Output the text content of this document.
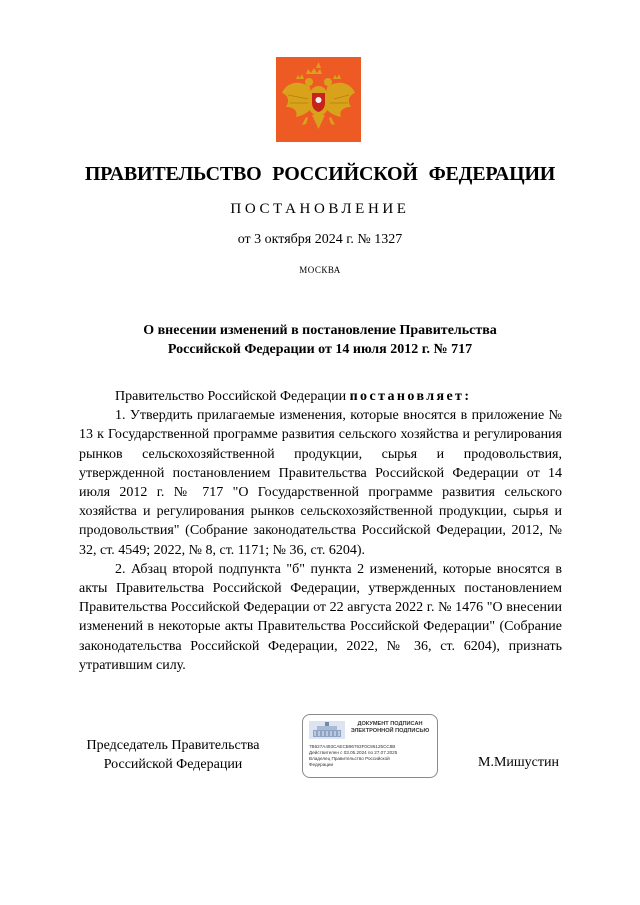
ПРАВИТЕЛЬСТВО РОССИЙСКОЙ ФЕДЕРАЦИИ
ПОСТАНОВЛЕНИЕ
от 3 октября 2024 г. № 1327
МОСКВА
О внесении изменений в постановление Правительства
Российской Федерации от 14 июля 2012 г. № 717

Правительство Российской Федерации постановляет:

1. Утвердить прилагаемые изменения, которые вносятся в приложение № 13 к Государственной программе развития сельского хозяйства и регулирования рынков сельскохозяйственной продукции, сырья и продовольствия, утвержденной постановлением Правительства Российской Федерации от 14 июля 2012 г. № 717 "О Государственной программе развития сельского хозяйства и регулирования рынков сельскохозяйственной продукции, сырья и продовольствия" (Собрание законодательства Российской Федерации, 2012, № 32, ст. 4549; 2022, № 8, ст. 1171; № 36, ст. 6204).

2. Абзац второй подпункта "б" пункта 2 изменений, которые вносятся в акты Правительства Российской Федерации, утвержденных постановлением Правительства Российской Федерации от 22 августа 2022 г. № 1476 "О внесении изменений в некоторые акты Правительства Российской Федерации" (Собрание законодательства Российской Федерации, 2022, № 36, ст. 6204), признать утратившим силу.

Председатель Правительства
Российской Федерации
ДОКУМЕНТ ПОДПИСАН
ЭЛЕКТРОННОЙ ПОДПИСЬЮ
7B627A493CAECB96763F0C86125CC8B
Действителен с 03.05.2024 по 27.07.2025
Владелец Правительство Российской
Федерации	М.Мишустин
